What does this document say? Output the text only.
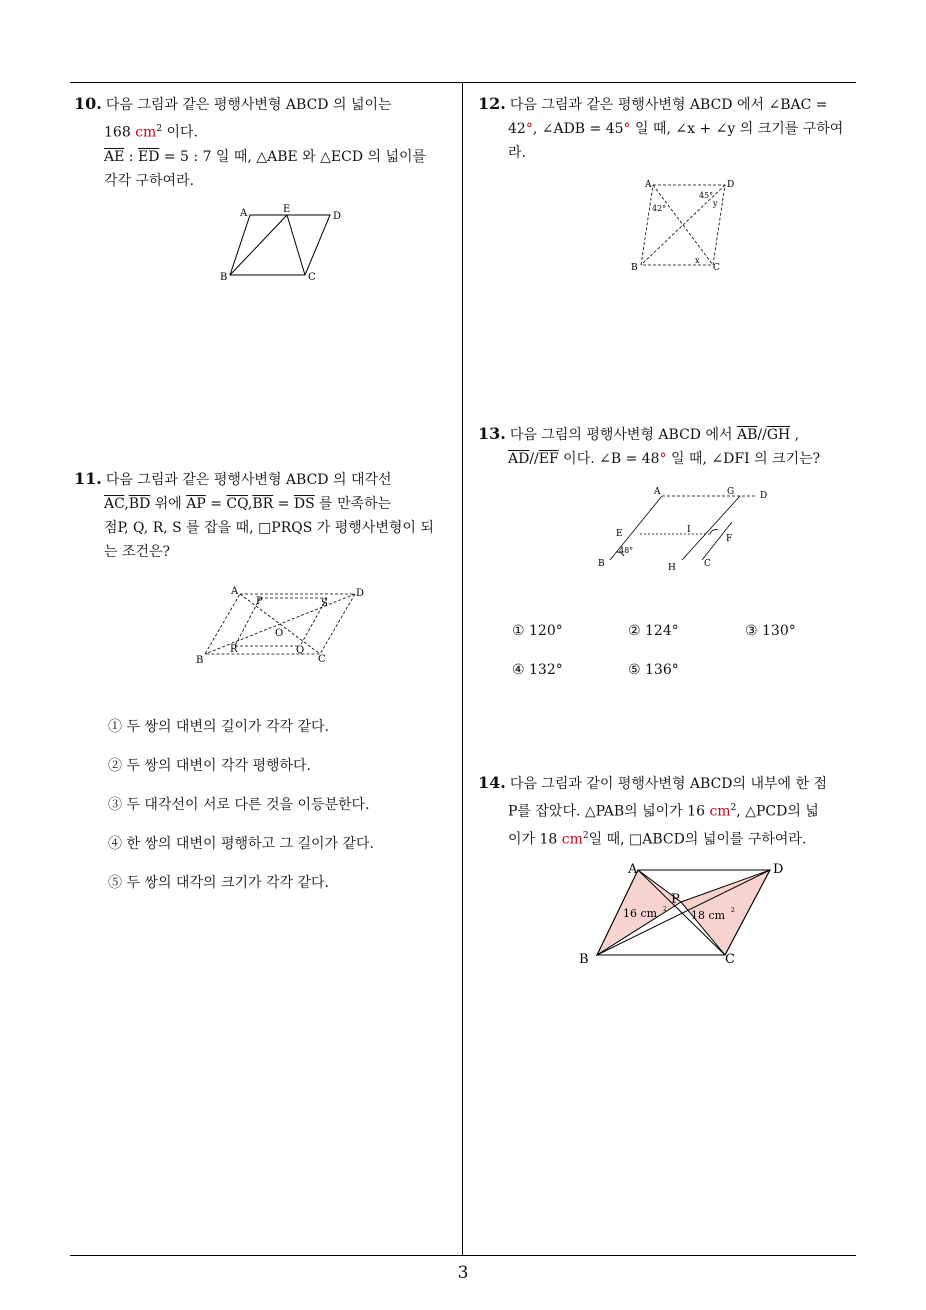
10. 다음 그림과 같은 평행사변형 ABCD 의 넓이는
168 $cm^2$ 이다.
$\overline{AE}$ : $\overline{ED} = 5$ : 7 일 때, △ABE 와 △ECD 의 넓이를
각각 구하여라.
A	E
D
B	C
11. 다음 그림과 같은 평행사변형 ABCD 의 대각선
$\overline{AC},\overline{BD}$ 위에 $\overline{AP} = \overline{CQ},\overline{BR} = \overline{DS}$ 를 만족하는
점P, Q, R, S 를 잡을 때, □PRQS 가 평행사변형이 되
는 조건은?
A
P	S
D
O
B
R	Q
C
① 두 쌍의 대변의 길이가 각각 같다.
② 두 쌍의 대변이 각각 평행하다.
③ 두 대각선이 서로 다른 것을 이등분한다.
④ 한 쌍의 대변이 평행하고 그 길이가 같다.
⑤ 두 쌍의 대각의 크기가 각각 같다.
12. 다음 그림과 같은 평행사변형 ABCD 에서 ∠BAC =
42°, ∠ADB = 45° 일 때, ∠x + ∠y 의 크기를 구하여
라.
A	D
B	C
45°
y
42°
x
13. 다음 그림의 평행사변형 ABCD 에서 $\overline{AB}//\overline{GH}$ ,
$\overline{AD}//\overline{EF}$ 이다. ∠B = 48° 일 때, ∠DFI 의 크기는?
A	G	D
E	I
F
B	H	C
48°
① 120°	② 124°	③ 130°
④ 132°	⑤ 136°
14. 다음 그림과 같이 평행사변형 ABCD의 내부에 한 점
P를 잡았다. △PAB의 넓이가 16 $cm^2$, △PCD의 넓
이가 18 $cm^2$일 때, □ABCD의 넓이를 구하여라.
A	D
P
B	C
16 cm 2 18 cm 2
3
